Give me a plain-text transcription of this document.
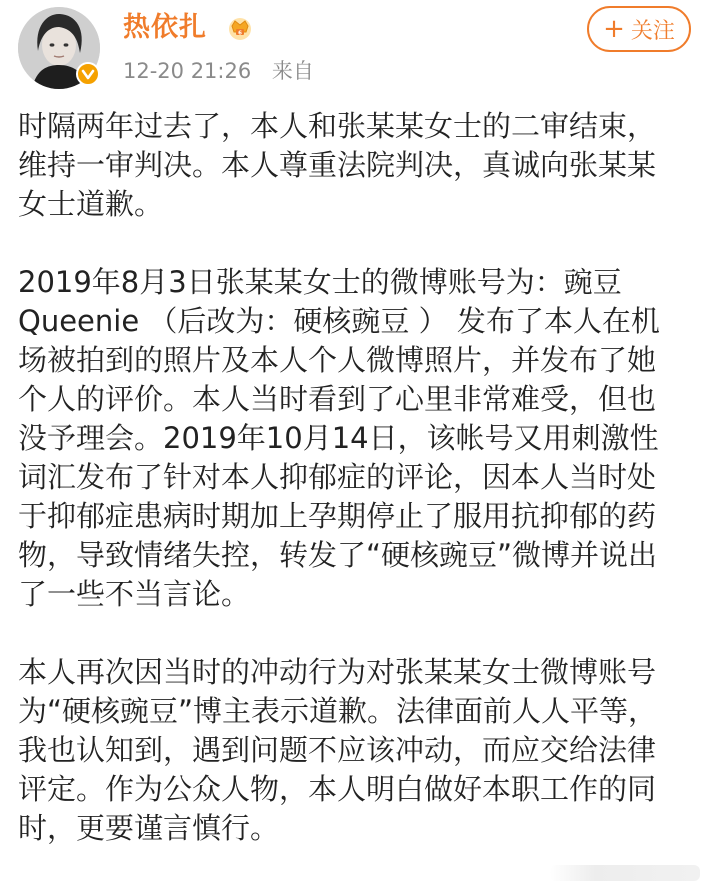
热依扎	6
12-20 21:26 来自
+ 关注

时隔两年过去了，本人和张某某女士的二审结束，
维持一审判决。本人尊重法院判决，真诚向张某某
女士道歉。

2019年8月3日张某某女士的微博账号为：豌豆
Queenie （后改为：硬核豌豆 ） 发布了本人在机
场被拍到的照片及本人个人微博照片，并发布了她
个人的评价。本人当时看到了心里非常难受，但也
没予理会。2019年10月14日，该帐号又用刺激性
词汇发布了针对本人抑郁症的评论，因本人当时处
于抑郁症患病时期加上孕期停止了服用抗抑郁的药
物，导致情绪失控，转发了“硬核豌豆”微博并说出
了一些不当言论。

本人再次因当时的冲动行为对张某某女士微博账号
为“硬核豌豆”博主表示道歉。法律面前人人平等，
我也认知到，遇到问题不应该冲动，而应交给法律
评定。作为公众人物，本人明白做好本职工作的同
时，更要谨言慎行。
